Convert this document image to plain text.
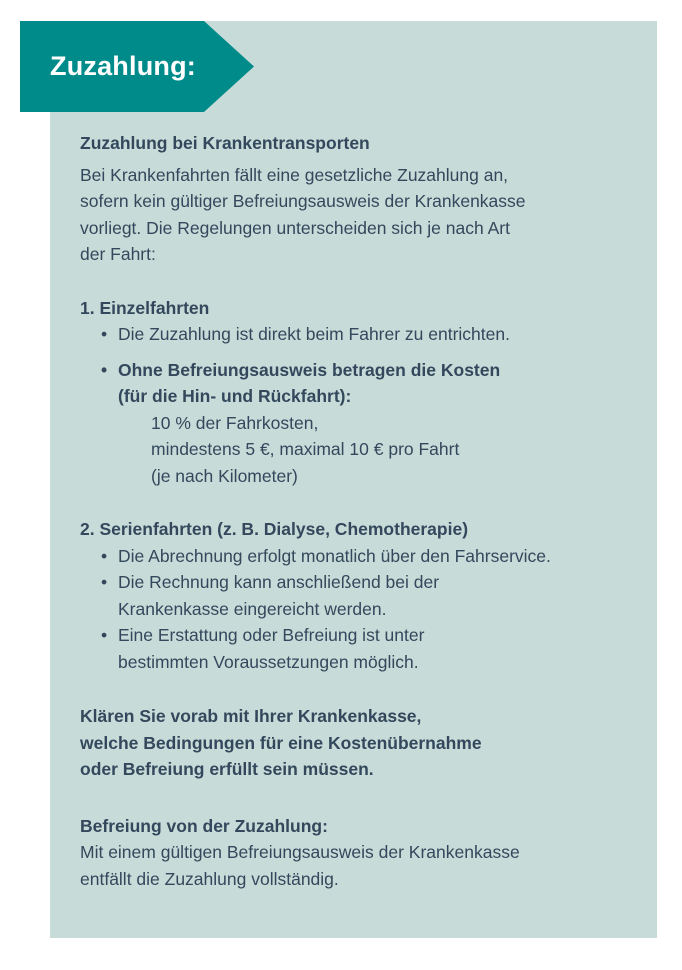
Zuzahlung:

Zuzahlung bei Krankentransporten

Bei Krankenfahrten fällt eine gesetzliche Zuzahlung an,
sofern kein gültiger Befreiungsausweis der Krankenkasse
vorliegt. Die Regelungen unterscheiden sich je nach Art
der Fahrt:
1. Einzelfahrten
• Die Zuzahlung ist direkt beim Fahrer zu entrichten.
• Ohne Befreiungsausweis betragen die Kosten
(für die Hin- und Rückfahrt):
10 % der Fahrkosten,
mindestens 5 €, maximal 10 € pro Fahrt
(je nach Kilometer)
2. Serienfahrten (z. B. Dialyse, Chemotherapie)
• Die Abrechnung erfolgt monatlich über den Fahrservice.
• Die Rechnung kann anschließend bei der
Krankenkasse eingereicht werden.
• Eine Erstattung oder Befreiung ist unter
bestimmten Voraussetzungen möglich.
Klären Sie vorab mit Ihrer Krankenkasse,
welche Bedingungen für eine Kostenübernahme
oder Befreiung erfüllt sein müssen.
Befreiung von der Zuzahlung:
Mit einem gültigen Befreiungsausweis der Krankenkasse
entfällt die Zuzahlung vollständig.
